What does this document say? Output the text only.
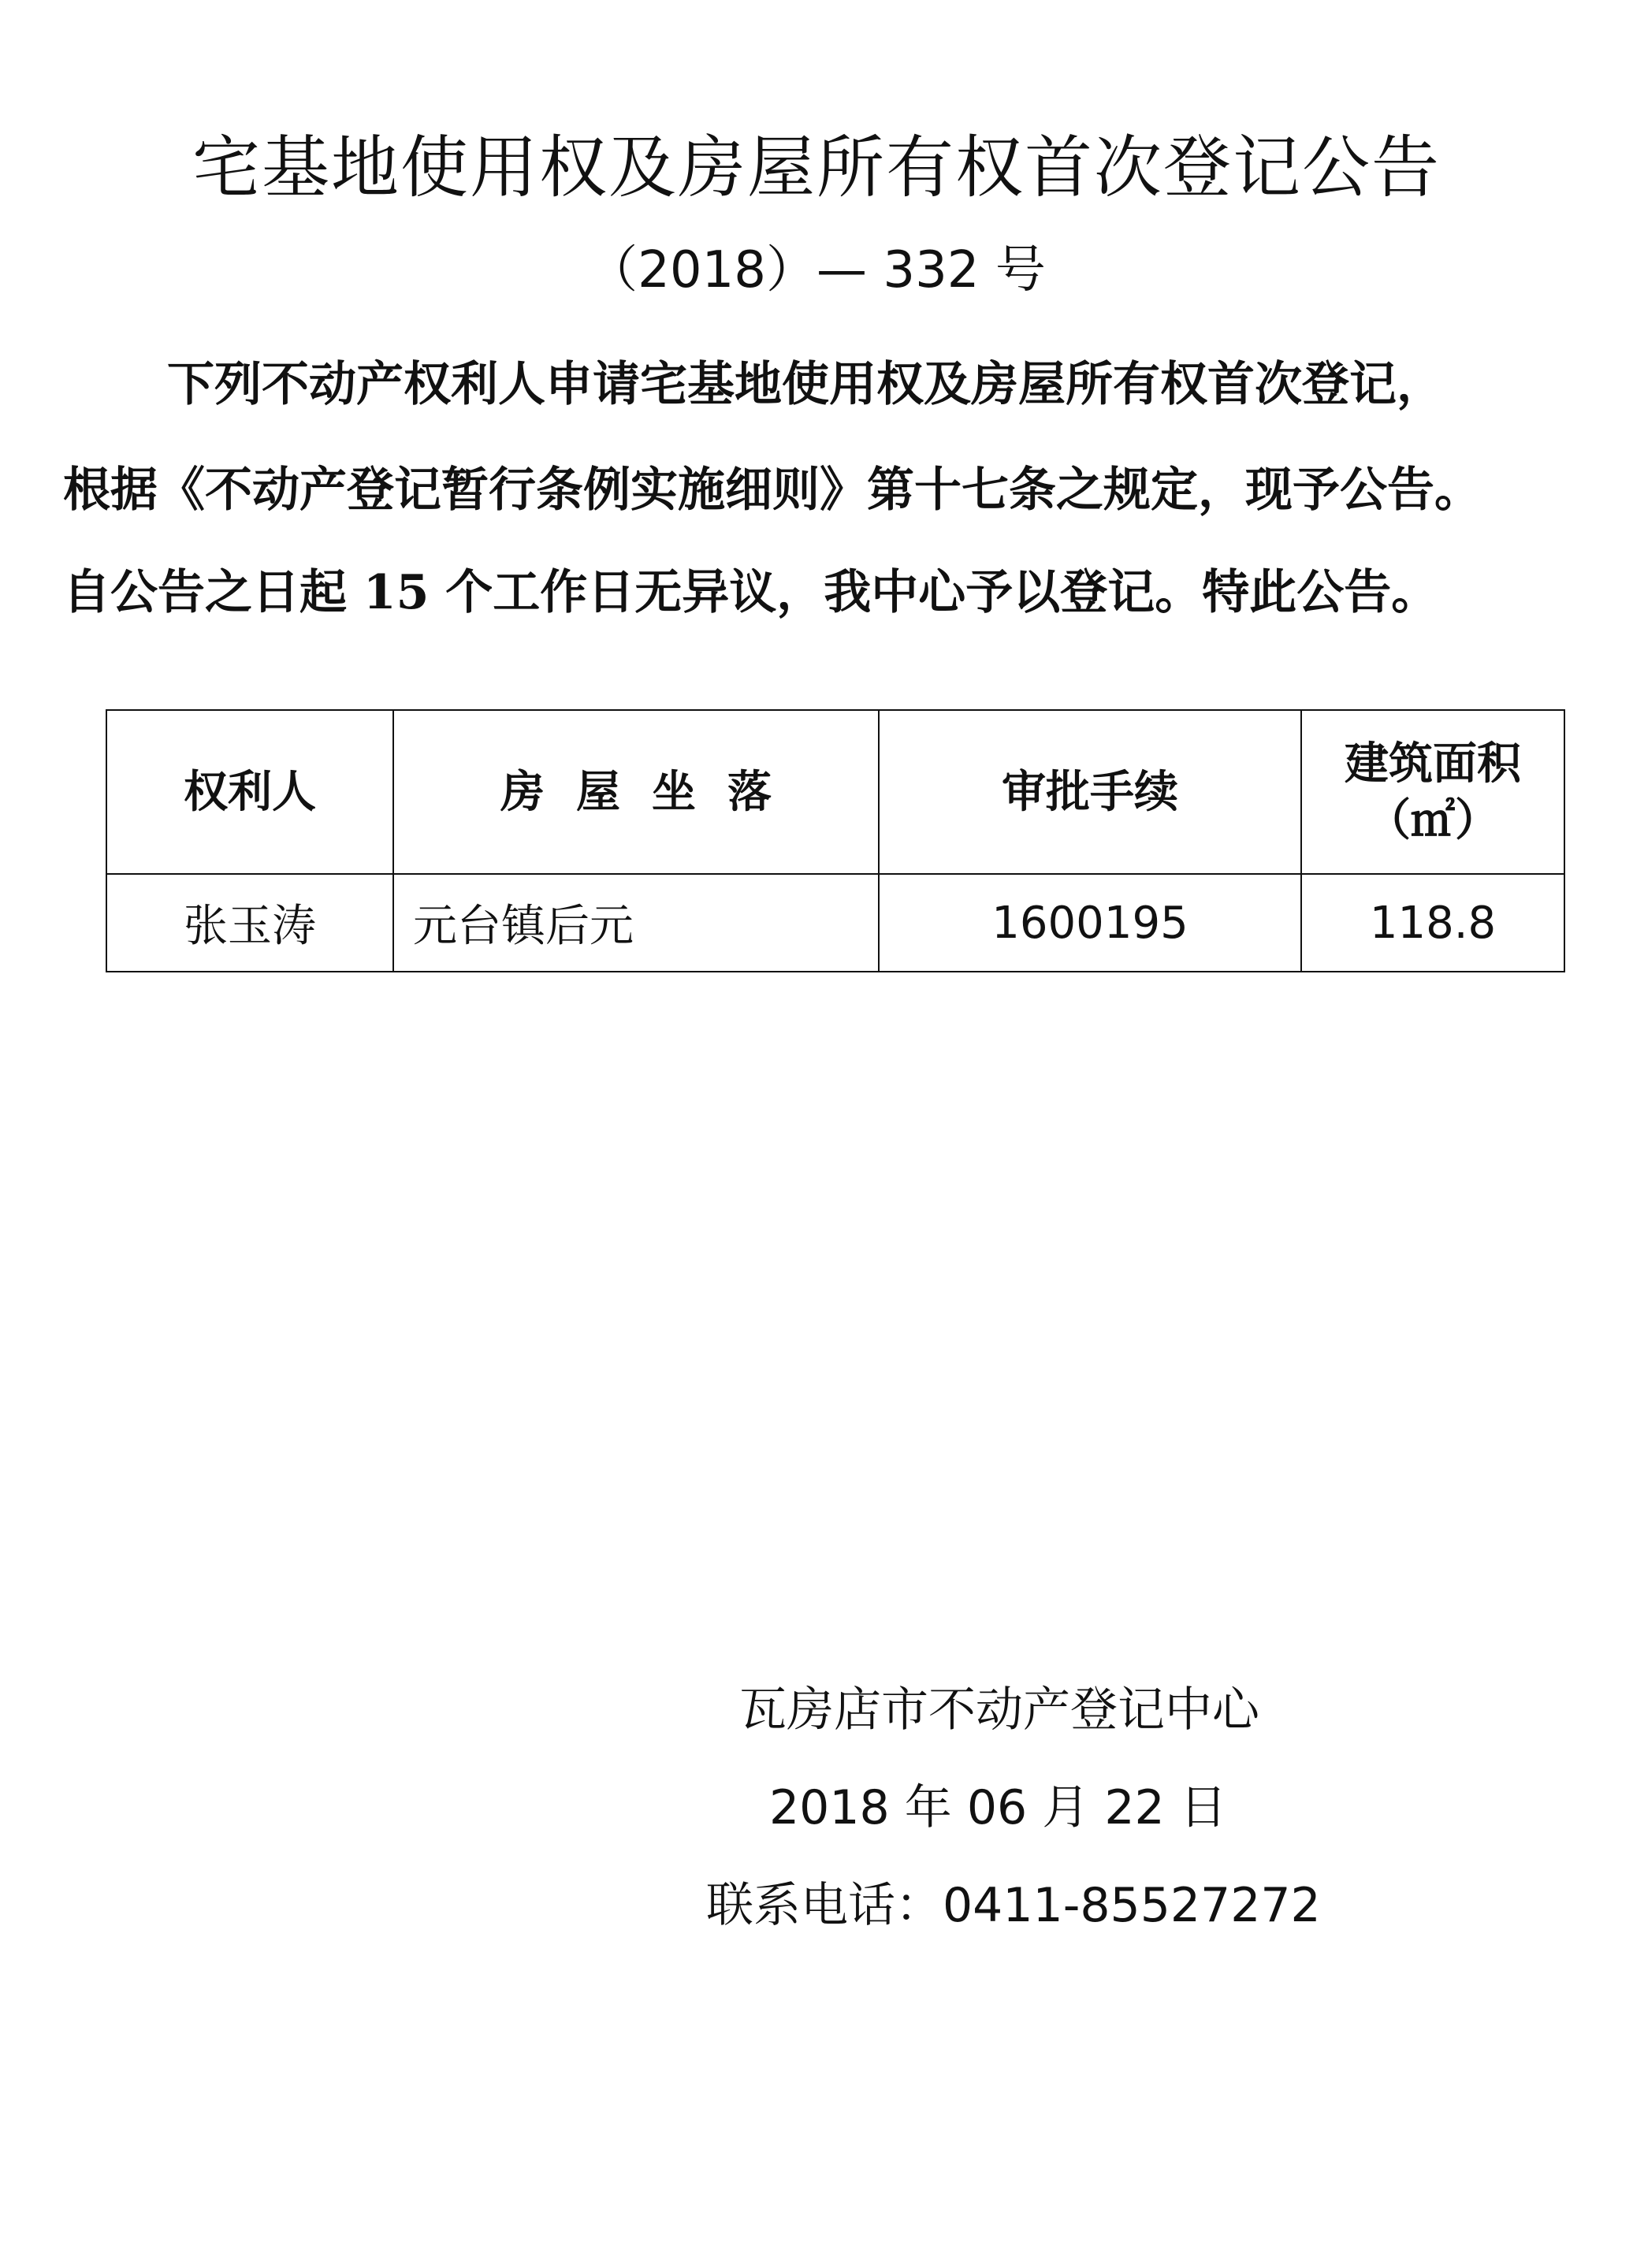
宅基地使用权及房屋所有权首次登记公告
（2018）— 332 号
下列不动产权利人申请宅基地使用权及房屋所有权首次登记，
根据《不动产登记暂行条例实施细则》第十七条之规定，现予公告。
自公告之日起 15 个工作日无异议，我中心予以登记。特此公告。
权利人	房屋坐落	审批手续	建筑面积
（㎡）

张玉涛	元台镇后元	1600195	118.8
瓦房店市不动产登记中心
2018 年 06 月 22 日
联系电话：0411-85527272
